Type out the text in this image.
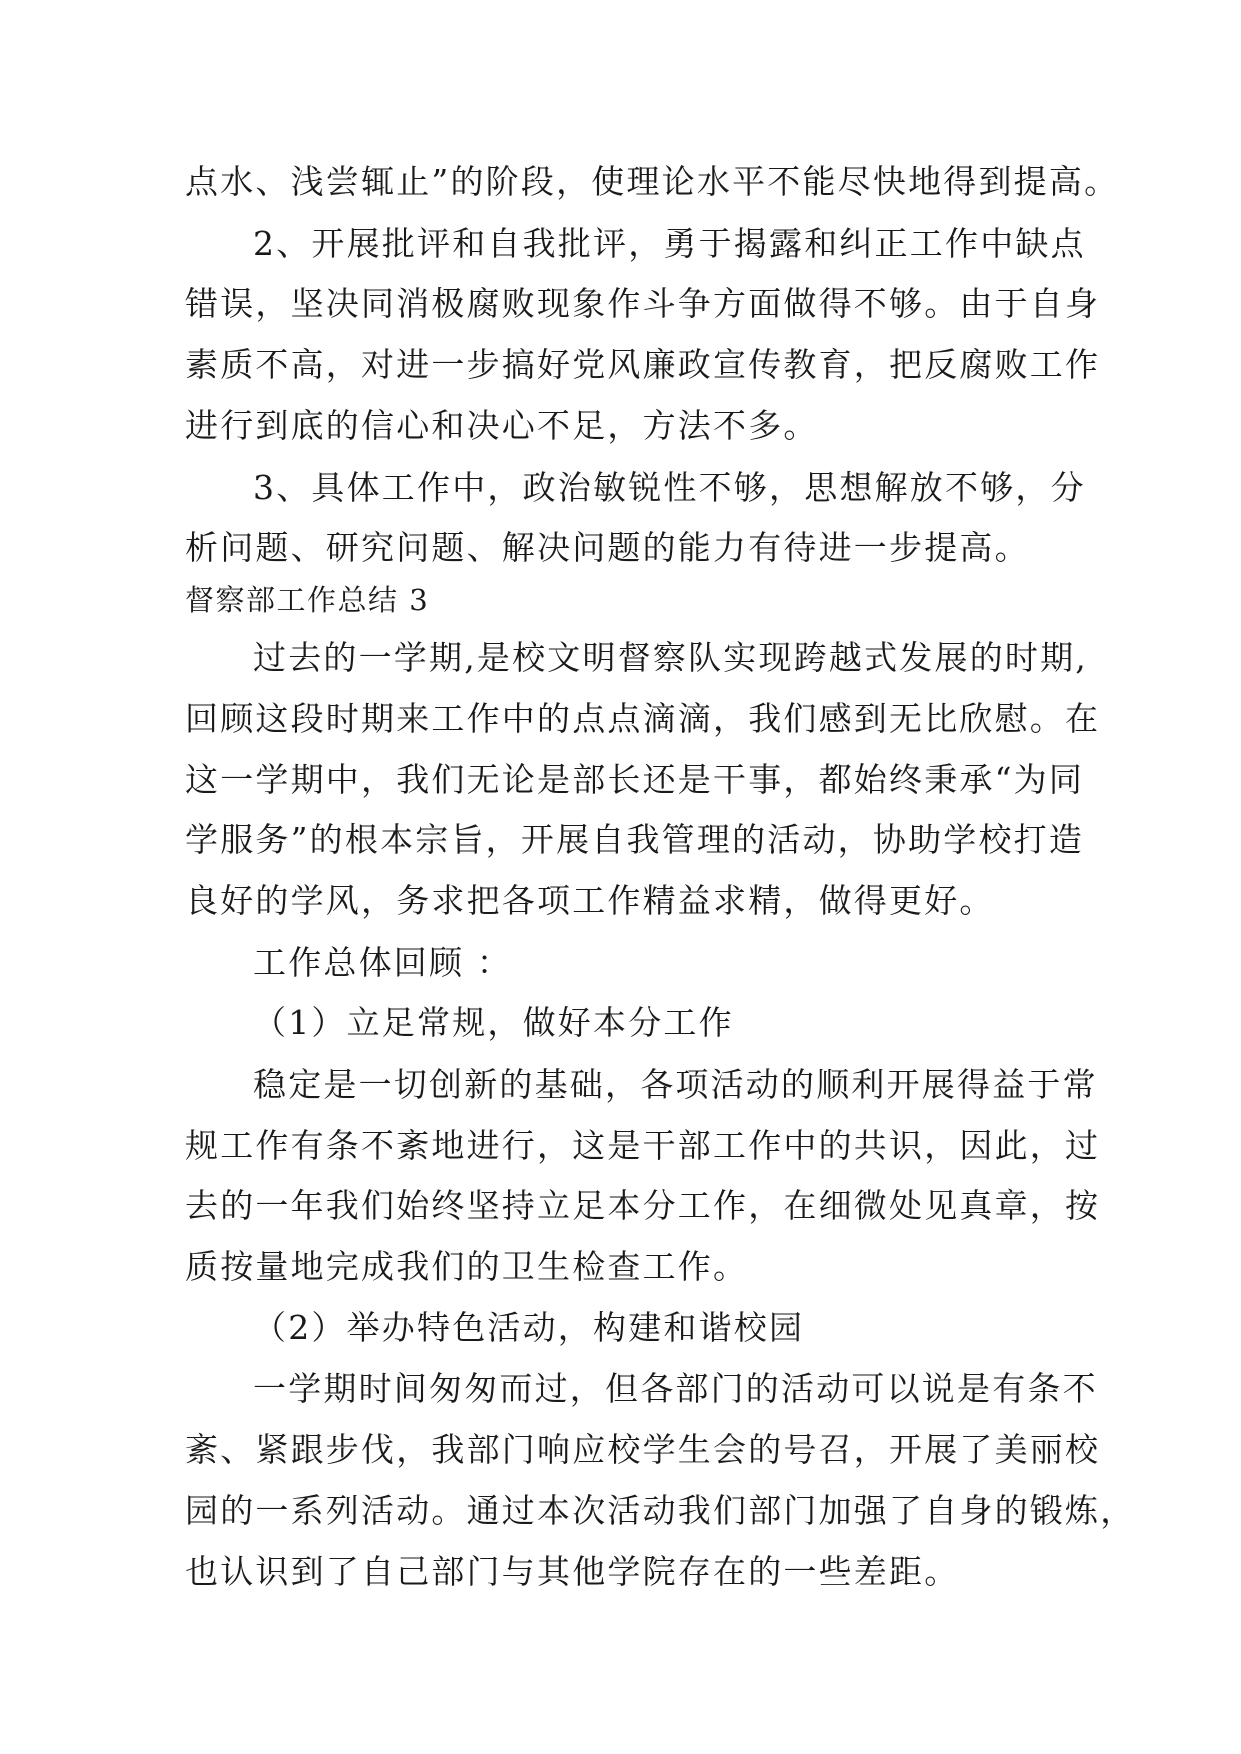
点水、浅尝辄止”的阶段，使理论水平不能尽快地得到提高。
2、开展批评和自我批评，勇于揭露和纠正工作中缺点
错误，坚决同消极腐败现象作斗争方面做得不够。由于自身
素质不高，对进一步搞好党风廉政宣传教育，把反腐败工作
进行到底的信心和决心不足，方法不多。
3、具体工作中，政治敏锐性不够，思想解放不够，分
析问题、研究问题、解决问题的能力有待进一步提高。
督察部工作总结 3
过去的一学期,是校文明督察队实现跨越式发展的时期,
回顾这段时期来工作中的点点滴滴，我们感到无比欣慰。在
这一学期中，我们无论是部长还是干事，都始终秉承“为同
学服务”的根本宗旨，开展自我管理的活动，协助学校打造
良好的学风，务求把各项工作精益求精，做得更好。
工作总体回顾 ：
（1）立足常规，做好本分工作
稳定是一切创新的基础，各项活动的顺利开展得益于常
规工作有条不紊地进行，这是干部工作中的共识，因此，过
去的一年我们始终坚持立足本分工作，在细微处见真章，按
质按量地完成我们的卫生检查工作。
（2）举办特色活动，构建和谐校园
一学期时间匆匆而过，但各部门的活动可以说是有条不
紊、紧跟步伐，我部门响应校学生会的号召，开展了美丽校
园的一系列活动。通过本次活动我们部门加强了自身的锻炼，
也认识到了自己部门与其他学院存在的一些差距。
